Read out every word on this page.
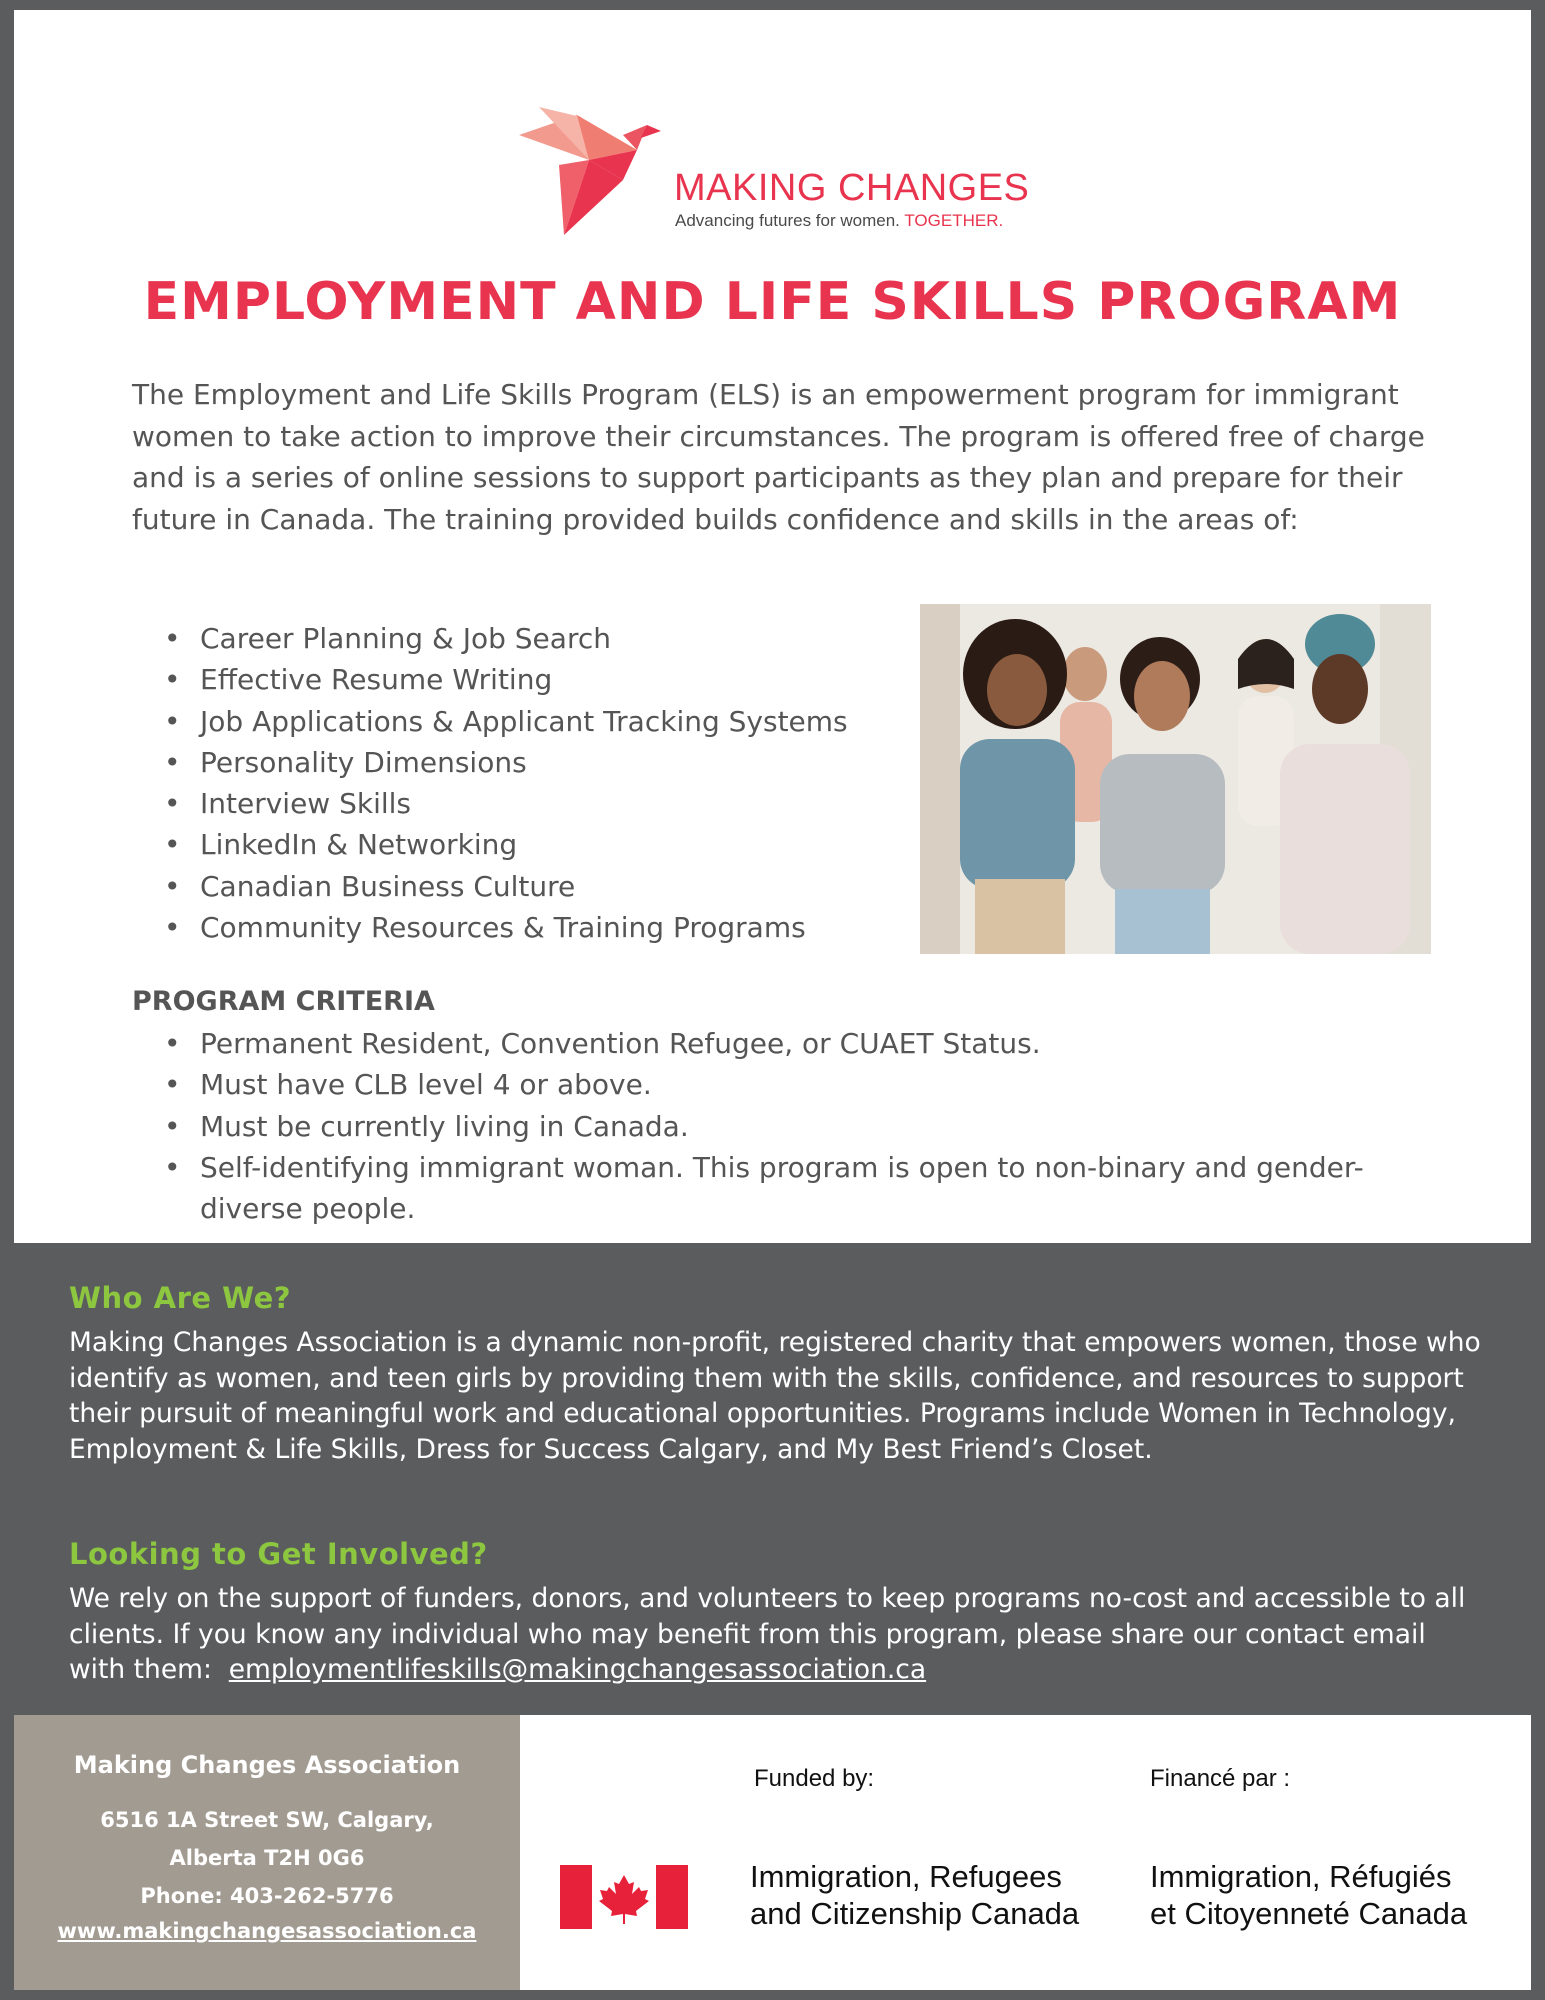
MAKING CHANGES
Advancing futures for women. TOGETHER.
EMPLOYMENT AND LIFE SKILLS PROGRAM

The Employment and Life Skills Program (ELS) is an empowerment program for immigrant women to take action to improve their circumstances. The program is offered free of charge and is a series of online sessions to support participants as they plan and prepare for their future in Canada. The training provided builds confidence and skills in the areas of:

• Career Planning & Job Search
• Effective Resume Writing
• Job Applications & Applicant Tracking Systems
• Personality Dimensions
• Interview Skills
• LinkedIn & Networking
• Canadian Business Culture
• Community Resources & Training Programs
PROGRAM CRITERIA
• Permanent Resident, Convention Refugee, or CUAET Status.
• Must have CLB level 4 or above.
• Must be currently living in Canada.
• Self-identifying immigrant woman. This program is open to non-binary and gender-diverse people.
Who Are We?

Making Changes Association is a dynamic non-profit, registered charity that empowers women, those who identify as women, and teen girls by providing them with the skills, confidence, and resources to support their pursuit of meaningful work and educational opportunities. Programs include Women in Technology, Employment & Life Skills, Dress for Success Calgary, and My Best Friend’s Closet.

Looking to Get Involved?

We rely on the support of funders, donors, and volunteers to keep programs no-cost and accessible to all clients. If you know any individual who may benefit from this program, please share our contact email with them: employmentlifeskills@makingchangesassociation.ca

Making Changes Association
6516 1A Street SW, Calgary,
Alberta T2H 0G6
Phone: 403-262-5776
www.makingchangesassociation.ca
Funded by:	Financé par :
Immigration, Refugees
and Citizenship Canada
Immigration, Réfugiés
et Citoyenneté Canada
